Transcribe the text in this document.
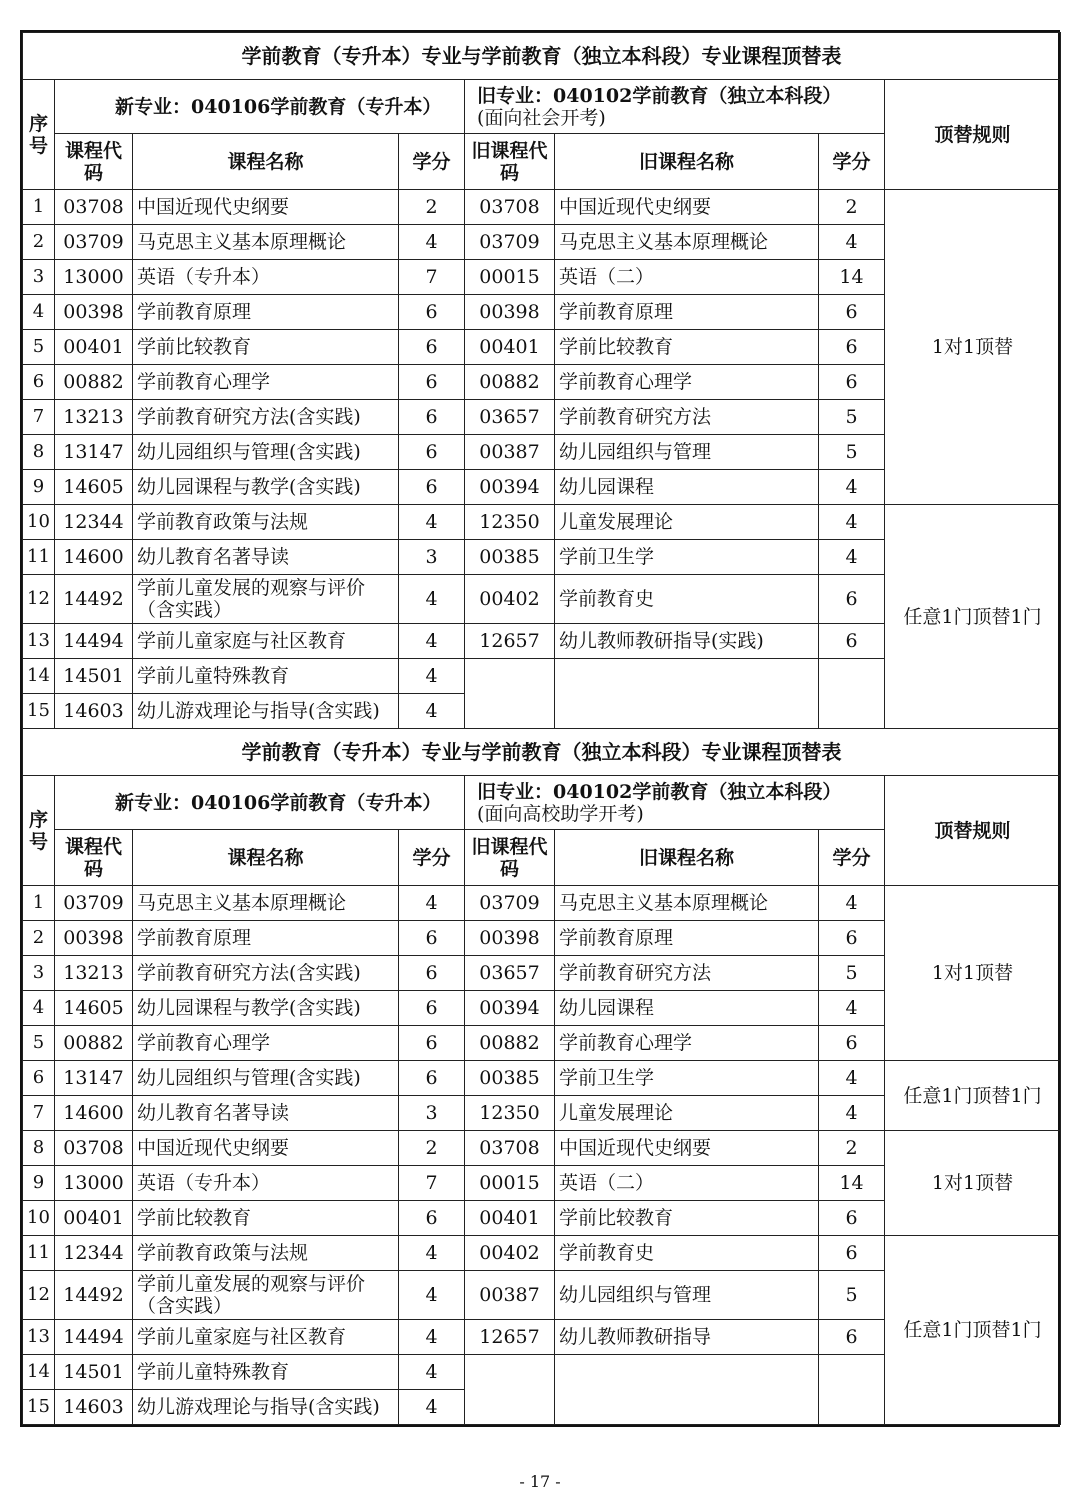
学前教育（专升本）专业与学前教育（独立本科段）专业课程顶替表							
序号	新专业：040106学前教育（专升本）			旧专业：040102学前教育（独立本科段）
(面向社会开考)			顶替规则
	课程代码	课程名称	学分	旧课程代码	旧课程名称	学分	
1	03708	中国近现代史纲要	2	03708	中国近现代史纲要	2	1对1顶替
2	03709	马克思主义基本原理概论	4	03709	马克思主义基本原理概论	4	
3	13000	英语（专升本）	7	00015	英语（二）	14	
4	00398	学前教育原理	6	00398	学前教育原理	6	
5	00401	学前比较教育	6	00401	学前比较教育	6	
6	00882	学前教育心理学	6	00882	学前教育心理学	6	
7	13213	学前教育研究方法(含实践)	6	03657	学前教育研究方法	5	
8	13147	幼儿园组织与管理(含实践)	6	00387	幼儿园组织与管理	5	
9	14605	幼儿园课程与教学(含实践)	6	00394	幼儿园课程	4	
10	12344	学前教育政策与法规	4	12350	儿童发展理论	4	任意1门顶替1门
11	14600	幼儿教育名著导读	3	00385	学前卫生学	4	
12	14492	学前儿童发展的观察与评价（含实践）	4	00402	学前教育史	6	
13	14494	学前儿童家庭与社区教育	4	12657	幼儿教师教研指导(实践)	6	
14	14501	学前儿童特殊教育	4				
15	14603	幼儿游戏理论与指导(含实践)	4				
学前教育（专升本）专业与学前教育（独立本科段）专业课程顶替表							
序号	新专业：040106学前教育（专升本）			旧专业：040102学前教育（独立本科段）
(面向高校助学开考)			顶替规则
	课程代码	课程名称	学分	旧课程代码	旧课程名称	学分	
1	03709	马克思主义基本原理概论	4	03709	马克思主义基本原理概论	4	1对1顶替
2	00398	学前教育原理	6	00398	学前教育原理	6	
3	13213	学前教育研究方法(含实践)	6	03657	学前教育研究方法	5	
4	14605	幼儿园课程与教学(含实践)	6	00394	幼儿园课程	4	
5	00882	学前教育心理学	6	00882	学前教育心理学	6	
6	13147	幼儿园组织与管理(含实践)	6	00385	学前卫生学	4	任意1门顶替1门
7	14600	幼儿教育名著导读	3	12350	儿童发展理论	4	
8	03708	中国近现代史纲要	2	03708	中国近现代史纲要	2	1对1顶替
9	13000	英语（专升本）	7	00015	英语（二）	14	
10	00401	学前比较教育	6	00401	学前比较教育	6	
11	12344	学前教育政策与法规	4	00402	学前教育史	6	任意1门顶替1门
12	14492	学前儿童发展的观察与评价（含实践）	4	00387	幼儿园组织与管理	5	
13	14494	学前儿童家庭与社区教育	4	12657	幼儿教师教研指导	6	
14	14501	学前儿童特殊教育	4				
15	14603	幼儿游戏理论与指导(含实践)	4				
- 17 -
